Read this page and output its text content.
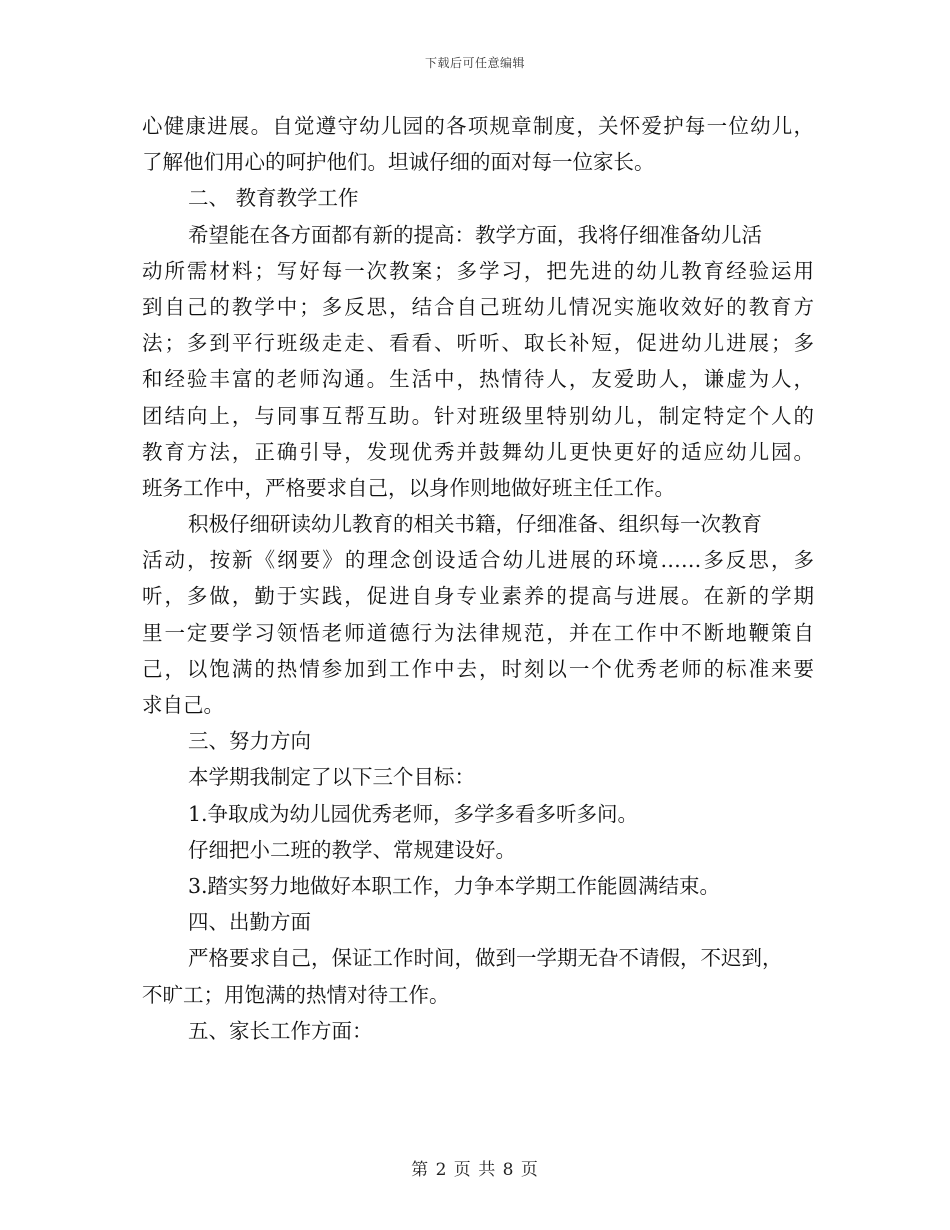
下载后可任意编辑
心健康进展。自觉遵守幼儿园的各项规章制度，关怀爱护每一位幼儿，
了解他们用心的呵护他们。坦诚仔细的面对每一位家长。
二、 教育教学工作
希望能在各方面都有新的提高：教学方面，我将仔细准备幼儿活
动所需材料；写好每一次教案；多学习，把先进的幼儿教育经验运用
到自己的教学中；多反思，结合自己班幼儿情况实施收效好的教育方
法；多到平行班级走走、看看、听听、取长补短，促进幼儿进展；多
和经验丰富的老师沟通。生活中，热情待人，友爱助人，谦虚为人，
团结向上，与同事互帮互助。针对班级里特别幼儿，制定特定个人的
教育方法，正确引导，发现优秀并鼓舞幼儿更快更好的适应幼儿园。
班务工作中，严格要求自己，以身作则地做好班主任工作。
积极仔细研读幼儿教育的相关书籍，仔细准备、组织每一次教育
活动，按新《纲要》的理念创设适合幼儿进展的环境……多反思，多
听，多做，勤于实践，促进自身专业素养的提高与进展。在新的学期
里一定要学习领悟老师道德行为法律规范，并在工作中不断地鞭策自
己，以饱满的热情参加到工作中去，时刻以一个优秀老师的标准来要
求自己。
三、努力方向
本学期我制定了以下三个目标：
1.争取成为幼儿园优秀老师，多学多看多听多问。
仔细把小二班的教学、常规建设好。
3.踏实努力地做好本职工作，力争本学期工作能圆满结束。
四、出勤方面
严格要求自己，保证工作时间，做到一学期无旮不请假，不迟到，
不旷工；用饱满的热情对待工作。
五、家长工作方面：
第 2 页 共 8 页
